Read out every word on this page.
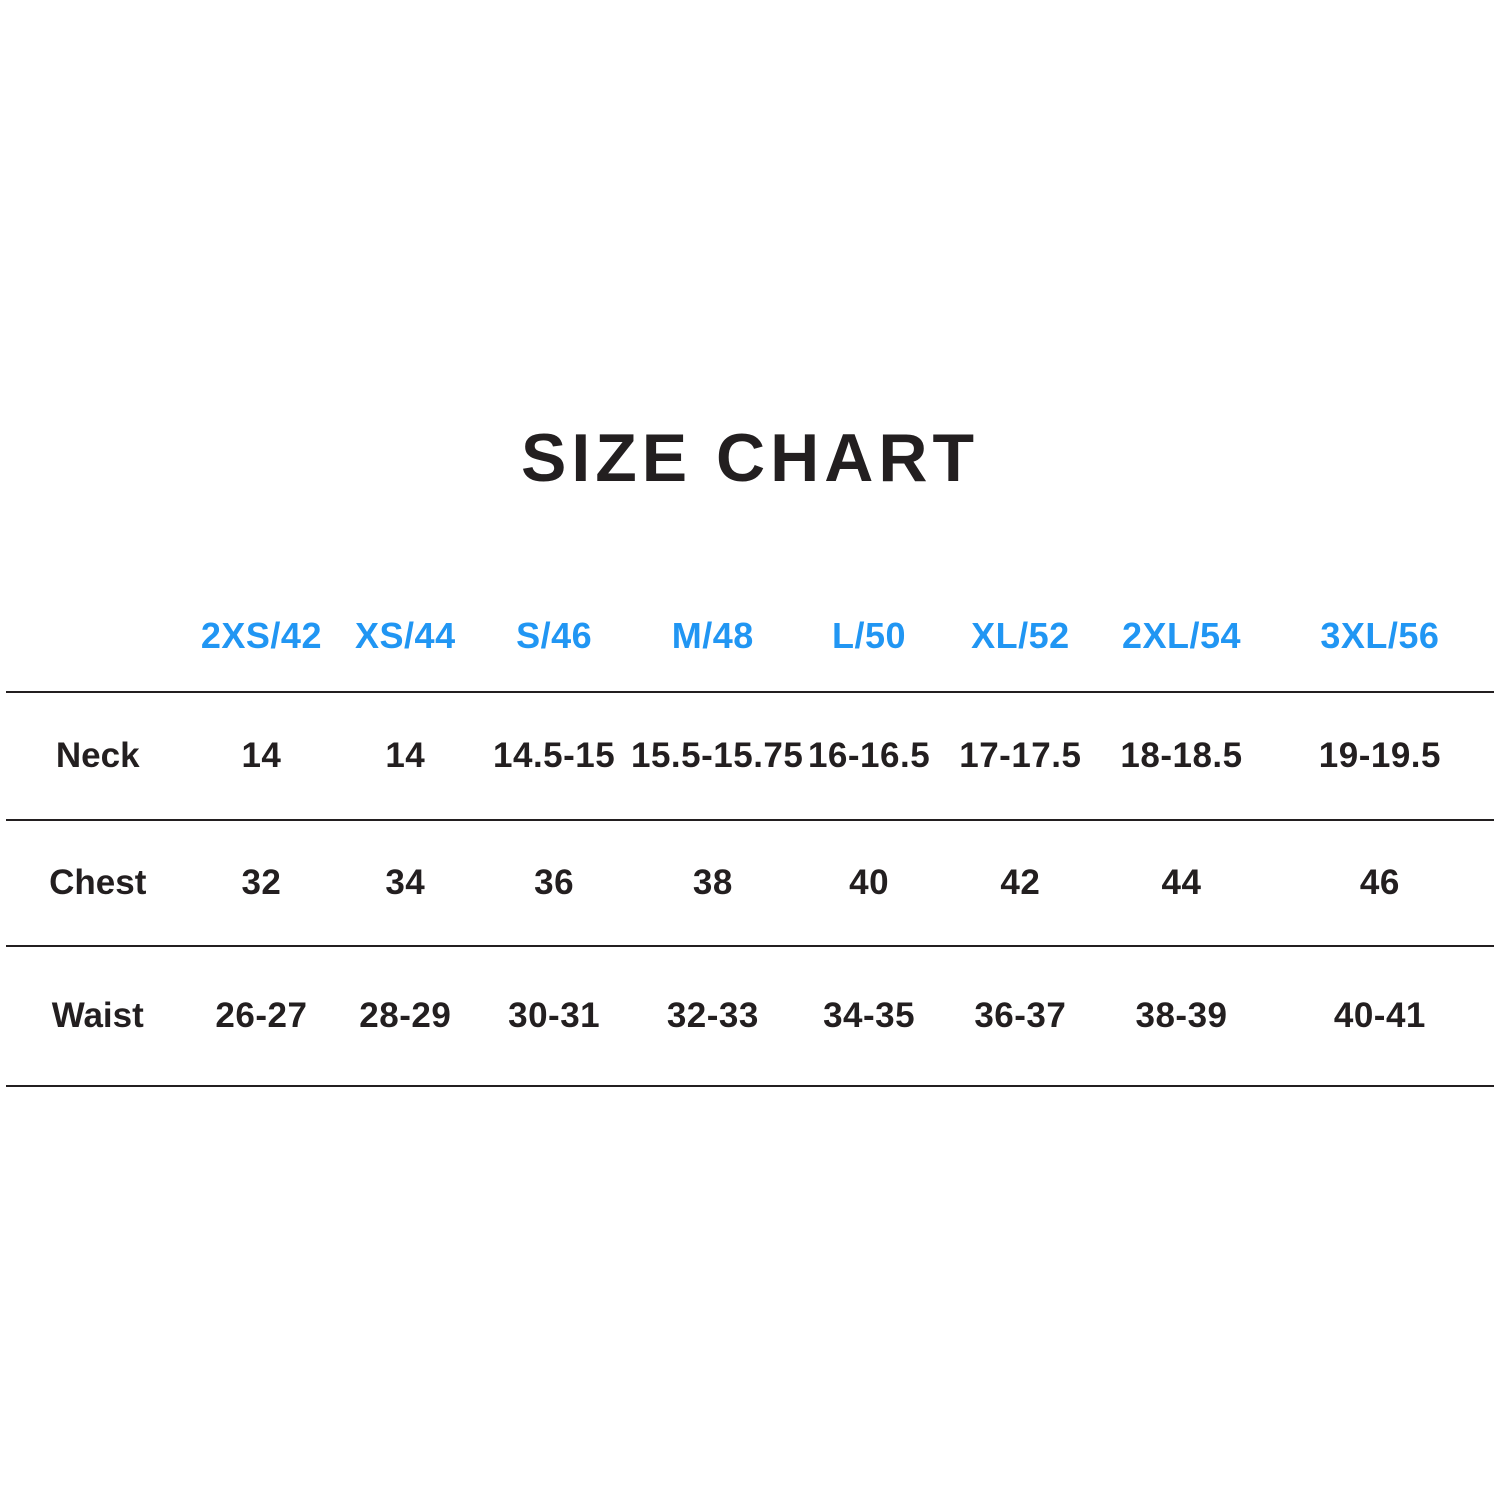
SIZE CHART
	2XS/42	XS/44	S/46	M/48	L/50	XL/52	2XL/54	3XL/56
Neck	14	14	14.5-15	15.5-15.75	16-16.5	17-17.5	18-18.5	19-19.5
Chest	32	34	36	38	40	42	44	46
Waist	26-27	28-29	30-31	32-33	34-35	36-37	38-39	40-41
